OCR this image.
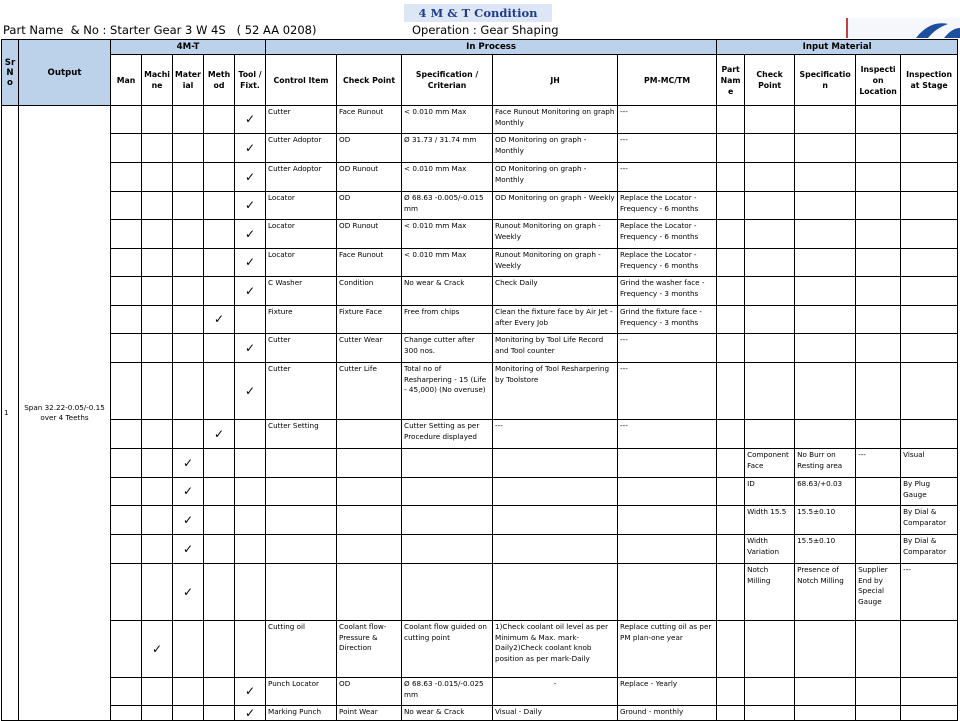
4 M & T Condition
Part Name  & No : Starter Gear 3 W 4S   ( 52 AA 0208)	Operation : Gear Shaping
Sr No	Output	4M-T					In Process					Input Material				
		Man	Machine	Material	Method	Tool / Fixt.	Control Item	Check Point	Specification / Criterian	JH	PM-MC/TM	Part Name	Check Point	Specification	Inspection Location	Inspection at Stage
1	Span 32.22-0.05/-0.15 over 4 Teeths					✓	Cutter	Face Runout	< 0.010 mm Max	Face Runout Monitoring on graph Monthly	---					
						✓	Cutter Adoptor	OD	Ø 31.73 / 31.74 mm	OD Monitoring on graph - Monthly	---					
						✓	Cutter Adoptor	OD Runout	< 0.010 mm Max	OD Monitoring on graph - Monthly	---					
						✓	Locator	OD	Ø 68.63 -0.005/-0.015 mm	OD Monitoring on graph - Weekly	Replace the Locator - Frequency - 6 months					
						✓	Locator	OD Runout	< 0.010 mm Max	Runout Monitoring on graph - Weekly	Replace the Locator - Frequency - 6 months					
						✓	Locator	Face Runout	< 0.010 mm Max	Runout Monitoring on graph - Weekly	Replace the Locator - Frequency - 6 months					
						✓	C Washer	Condition	No wear & Crack	Check Daily	Grind the washer face - Frequency - 3 months					
					✓		Fixture	Fixture Face	Free from chips	Clean the fixture face by Air Jet - after Every Job	Grind the fixture face - Frequency - 3 months					
						✓	Cutter	Cutter Wear	Change cutter after 300 nos.	Monitoring by Tool Life Record and Tool counter	---					
						✓	Cutter	Cutter Life	Total no of Resharpering - 15 (Life - 45,000) (No overuse)	Monitoring of Tool Resharpering by Toolstore	---					
					✓		Cutter Setting		Cutter Setting as per Procedure displayed	---	---					
				✓									Component Face	No Burr on Resting area	---	Visual
				✓									ID	68.63/+0.03		By Plug Gauge
				✓									Width 15.5	15.5±0.10		By Dial & Comparator
				✓									Width Variation	15.5±0.10		By Dial & Comparator
				✓									Notch Milling	Presence of Notch Milling	Supplier End by Special Gauge	---
			✓				Cutting oil	Coolant flow-Pressure & Direction	Coolant flow guided on cutting point	1)Check coolant oil level as per Minimum & Max. mark- Daily2)Check coolant knob position as per mark-Daily	Replace cutting oil as per PM plan-one year					
						✓	Punch Locator	OD	Ø 68.63 -0.015/-0.025 mm	-	Replace - Yearly					
						✓	Marking Punch	Point Wear	No wear & Crack	Visual - Daily	Ground - monthly					
